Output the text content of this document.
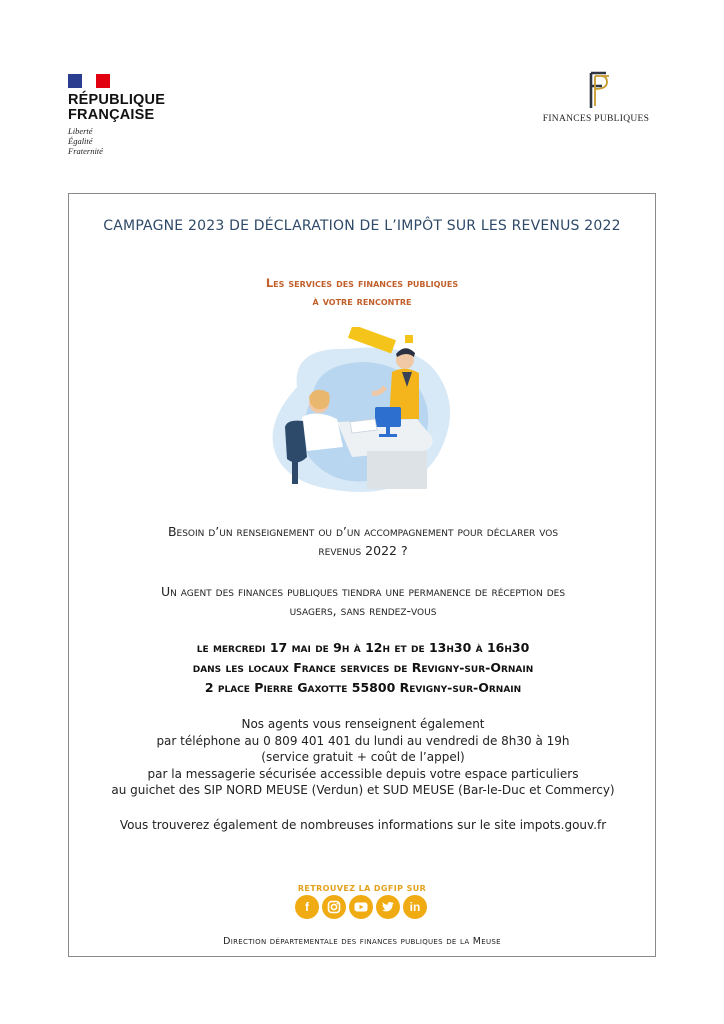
RÉPUBLIQUE
FRANÇAISE
Liberté
Égalité
Fraternité
FINANCES PUBLIQUES
CAMPAGNE 2023 DE DÉCLARATION DE L’IMPÔT SUR LES REVENUS 2022
Les services des finances publiques
à votre rencontre
Besoin d’un renseignement ou d’un accompagnement pour déclarer vos
revenus 2022 ?
Un agent des finances publiques tiendra une permanence de réception des
usagers, sans rendez-vous
le mercredi 17 mai de 9h à 12h et de 13h30 à 16h30
dans les locaux France services de Revigny-sur-Ornain
2 place Pierre Gaxotte 55800 Revigny-sur-Ornain
Nos agents vous renseignent également
par téléphone au 0 809 401 401 du lundi au vendredi de 8h30 à 19h
(service gratuit + coût de l’appel)
par la messagerie sécurisée accessible depuis votre espace particuliers
au guichet des SIP NORD MEUSE (Verdun) et SUD MEUSE (Bar-le-Duc et Commercy)
Vous trouverez également de nombreuses informations sur le site impots.gouv.fr
RETROUVEZ LA DGFIP SUR
f	in
Direction départementale des finances publiques de la Meuse
